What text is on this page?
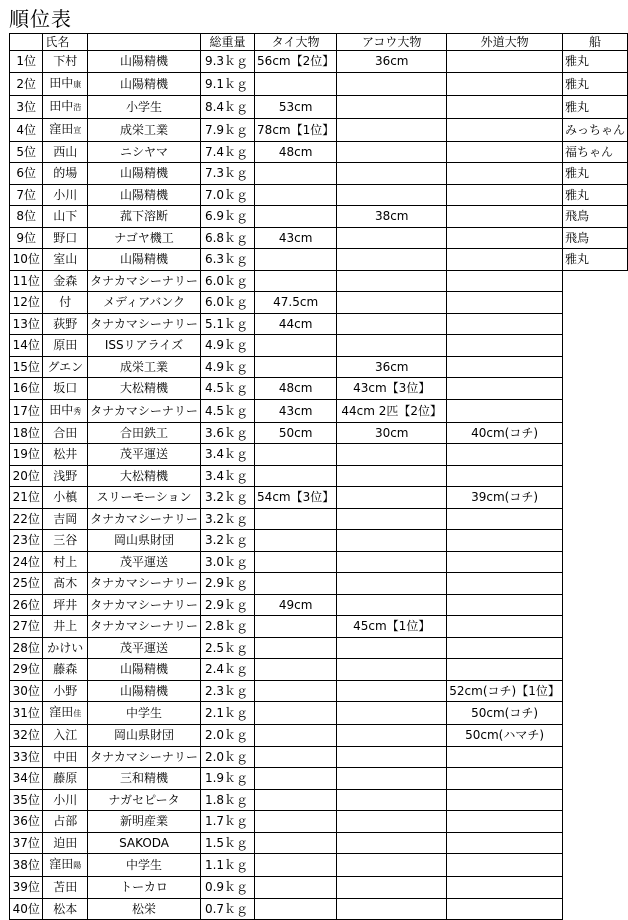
順位表
	氏名		総重量	タイ大物	アコウ大物	外道大物	船
1位	下村	山陽精機	9.3ｋｇ	56cm【2位】	36cm		雅丸
2位	田中康	山陽精機	9.1ｋｇ				雅丸
3位	田中浩	小学生	8.4ｋｇ	53cm			雅丸
4位	窪田宣	成栄工業	7.9ｋｇ	78cm【1位】			みっちゃん
5位	西山	ニシヤマ	7.4ｋｇ	48cm			福ちゃん
6位	的場	山陽精機	7.3ｋｇ				雅丸
7位	小川	山陽精機	7.0ｋｇ				雅丸
8位	山下	菰下溶断	6.9ｋｇ		38cm		飛鳥
9位	野口	ナゴヤ機工	6.8ｋｇ	43cm			飛鳥
10位	室山	山陽精機	6.3ｋｇ				雅丸
11位	金森	タナカマシーナリー	6.0ｋｇ				
12位	付	メディアバンク	6.0ｋｇ	47.5cm			
13位	荻野	タナカマシーナリー	5.1ｋｇ	44cm			
14位	原田	ISSリアライズ	4.9ｋｇ				
15位	グエン	成栄工業	4.9ｋｇ		36cm		
16位	坂口	大松精機	4.5ｋｇ	48cm	43cm【3位】		
17位	田中秀	タナカマシーナリー	4.5ｋｇ	43cm	44cm 2匹【2位】		
18位	合田	合田鉄工	3.6ｋｇ	50cm	30cm	40cm(コチ)	
19位	松井	茂平運送	3.4ｋｇ				
20位	浅野	大松精機	3.4ｋｇ				
21位	小槙	スリーモーション	3.2ｋｇ	54cm【3位】		39cm(コチ)	
22位	吉岡	タナカマシーナリー	3.2ｋｇ				
23位	三谷	岡山県財団	3.2ｋｇ				
24位	村上	茂平運送	3.0ｋｇ				
25位	髙木	タナカマシーナリー	2.9ｋｇ				
26位	坪井	タナカマシーナリー	2.9ｋｇ	49cm			
27位	井上	タナカマシーナリー	2.8ｋｇ		45cm【1位】		
28位	かけい	茂平運送	2.5ｋｇ				
29位	藤森	山陽精機	2.4ｋｇ				
30位	小野	山陽精機	2.3ｋｇ			52cm(コチ)【1位】	
31位	窪田佳	中学生	2.1ｋｇ			50cm(コチ)	
32位	入江	岡山県財団	2.0ｋｇ			50cm(ハマチ)	
33位	中田	タナカマシーナリー	2.0ｋｇ				
34位	藤原	三和精機	1.9ｋｇ				
35位	小川	ナガセピータ	1.8ｋｇ				
36位	占部	新明産業	1.7ｋｇ				
37位	迫田	SAKODA	1.5ｋｇ				
38位	窪田陽	中学生	1.1ｋｇ				
39位	苫田	トーカロ	0.9ｋｇ				
40位	松本	松栄	0.7ｋｇ				
